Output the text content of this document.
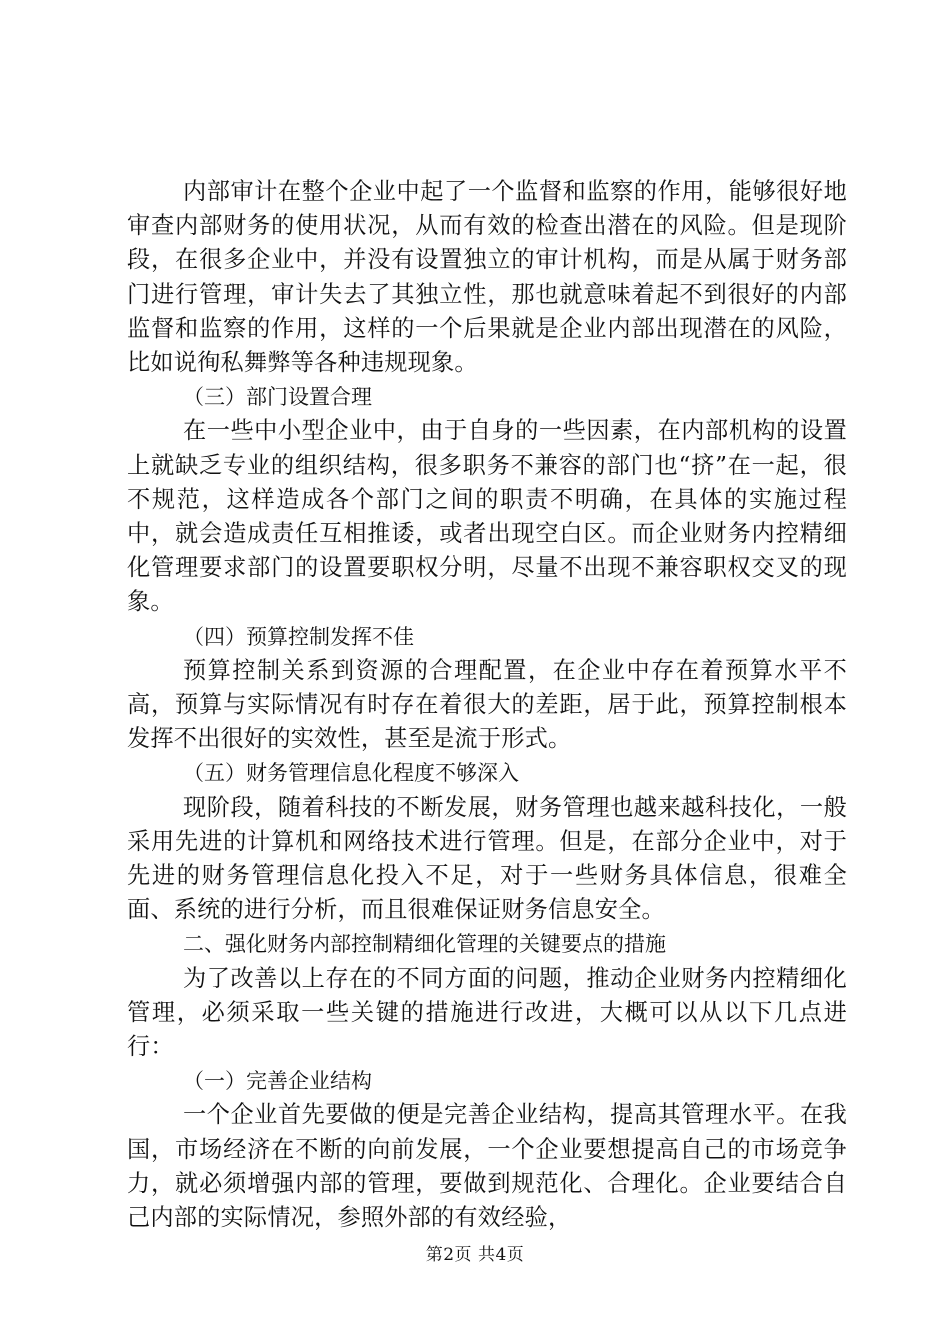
内部审计在整个企业中起了一个监督和监察的作用，能够很好地审查内部财务的使用状况，从而有效的检查出潜在的风险。但是现阶段，在很多企业中，并没有设置独立的审计机构，而是从属于财务部门进行管理，审计失去了其独立性，那也就意味着起不到很好的内部监督和监察的作用，这样的一个后果就是企业内部出现潜在的风险，比如说徇私舞弊等各种违规现象。

（三）部门设置合理

在一些中小型企业中，由于自身的一些因素，在内部机构的设置上就缺乏专业的组织结构，很多职务不兼容的部门也“挤”在一起，很不规范，这样造成各个部门之间的职责不明确，在具体的实施过程中，就会造成责任互相推诿，或者出现空白区。而企业财务内控精细化管理要求部门的设置要职权分明，尽量不出现不兼容职权交叉的现象。

（四）预算控制发挥不佳

预算控制关系到资源的合理配置，在企业中存在着预算水平不高，预算与实际情况有时存在着很大的差距，居于此，预算控制根本发挥不出很好的实效性，甚至是流于形式。

（五）财务管理信息化程度不够深入

现阶段，随着科技的不断发展，财务管理也越来越科技化，一般采用先进的计算机和网络技术进行管理。但是，在部分企业中，对于先进的财务管理信息化投入不足，对于一些财务具体信息，很难全面、系统的进行分析，而且很难保证财务信息安全。

二、强化财务内部控制精细化管理的关键要点的措施

为了改善以上存在的不同方面的问题，推动企业财务内控精细化管理，必须采取一些关键的措施进行改进，大概可以从以下几点进行：

（一）完善企业结构

一个企业首先要做的便是完善企业结构，提高其管理水平。在我国，市场经济在不断的向前发展，一个企业要想提高自己的市场竞争力，就必须增强内部的管理，要做到规范化、合理化。企业要结合自己内部的实际情况，参照外部的有效经验，

第2页 共4页
